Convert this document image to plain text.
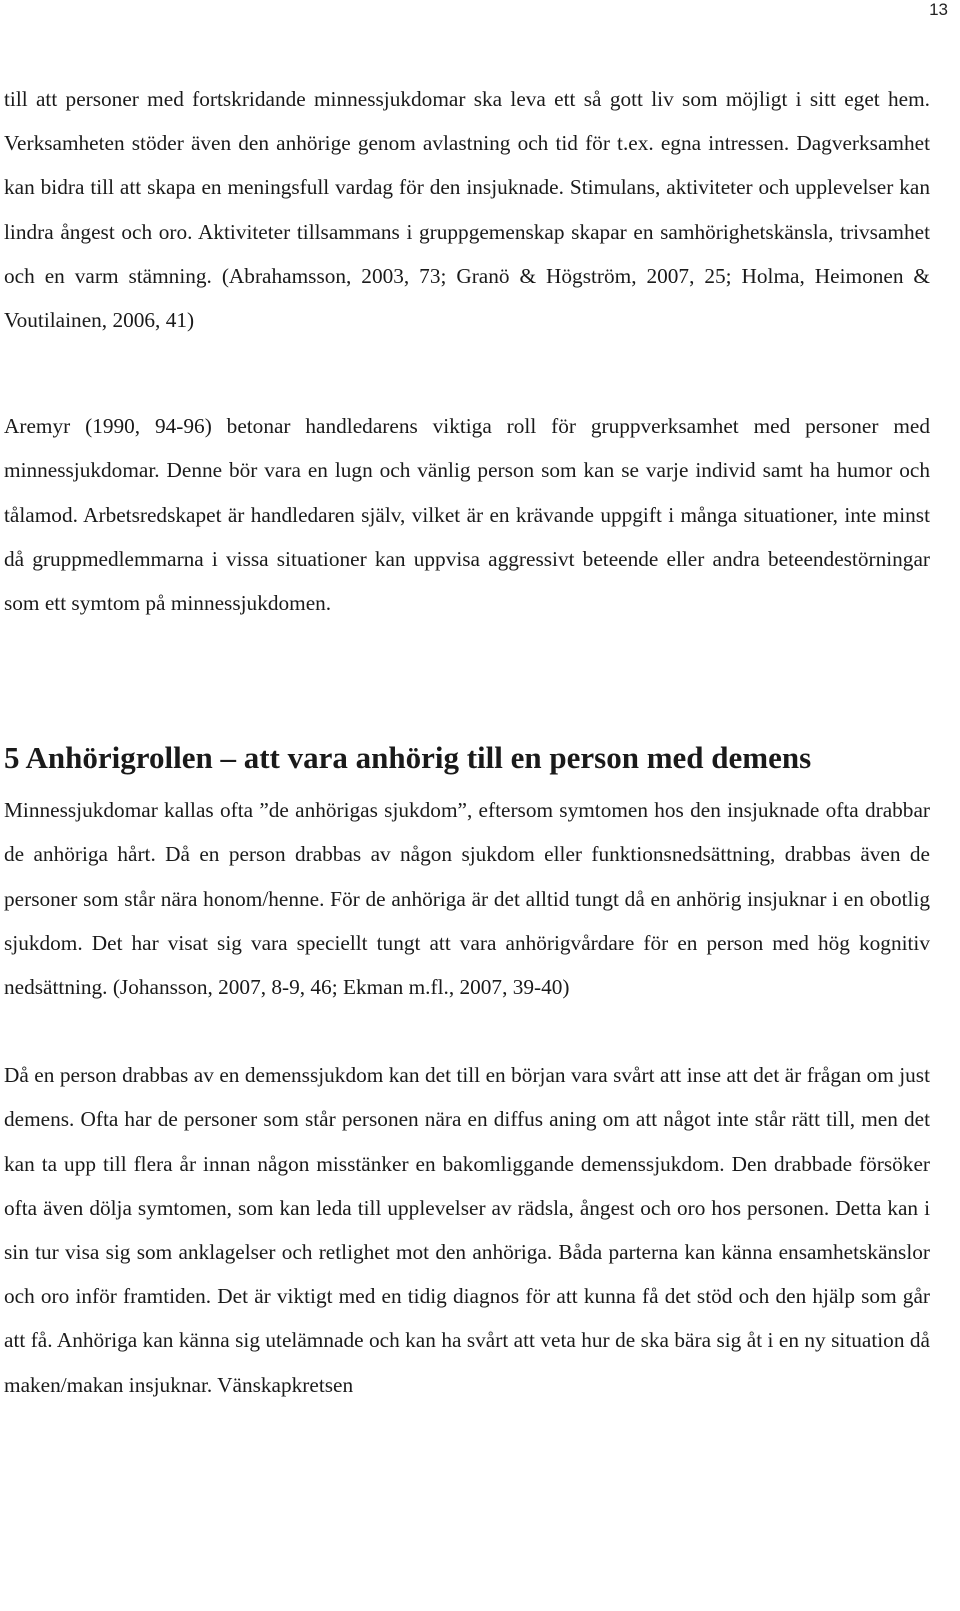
13

till att personer med fortskridande minnessjukdomar ska leva ett så gott liv som möjligt i sitt eget hem. Verksamheten stöder även den anhörige genom avlastning och tid för t.ex. egna intressen. Dagverksamhet kan bidra till att skapa en meningsfull vardag för den insjuknade. Stimulans, aktiviteter och upplevelser kan lindra ångest och oro. Aktiviteter tillsammans i gruppgemenskap skapar en samhörighetskänsla, trivsamhet och en varm stämning. (Abrahamsson, 2003, 73; Granö & Högström, 2007, 25; Holma, Heimonen & Voutilainen, 2006, 41)

Aremyr (1990, 94-96) betonar handledarens viktiga roll för gruppverksamhet med personer med minnessjukdomar. Denne bör vara en lugn och vänlig person som kan se varje individ samt ha humor och tålamod. Arbetsredskapet är handledaren själv, vilket är en krävande uppgift i många situationer, inte minst då gruppmedlemmarna i vissa situationer kan uppvisa aggressivt beteende eller andra beteendestörningar som ett symtom på minnessjukdomen.

5 Anhörigrollen – att vara anhörig till en person med demens

Minnessjukdomar kallas ofta ”de anhörigas sjukdom”, eftersom symtomen hos den insjuknade ofta drabbar de anhöriga hårt. Då en person drabbas av någon sjukdom eller funktionsnedsättning, drabbas även de personer som står nära honom/henne. För de anhöriga är det alltid tungt då en anhörig insjuknar i en obotlig sjukdom. Det har visat sig vara speciellt tungt att vara anhörigvårdare för en person med hög kognitiv nedsättning. (Johansson, 2007, 8-9, 46; Ekman m.fl., 2007, 39-40)

Då en person drabbas av en demenssjukdom kan det till en början vara svårt att inse att det är frågan om just demens. Ofta har de personer som står personen nära en diffus aning om att något inte står rätt till, men det kan ta upp till flera år innan någon misstänker en bakomliggande demenssjukdom. Den drabbade försöker ofta även dölja symtomen, som kan leda till upplevelser av rädsla, ångest och oro hos personen. Detta kan i sin tur visa sig som anklagelser och retlighet mot den anhöriga. Båda parterna kan känna ensamhetskänslor och oro inför framtiden. Det är viktigt med en tidig diagnos för att kunna få det stöd och den hjälp som går att få. Anhöriga kan känna sig utelämnade och kan ha svårt att veta hur de ska bära sig åt i en ny situation då maken/makan insjuknar. Vänskapkretsen
